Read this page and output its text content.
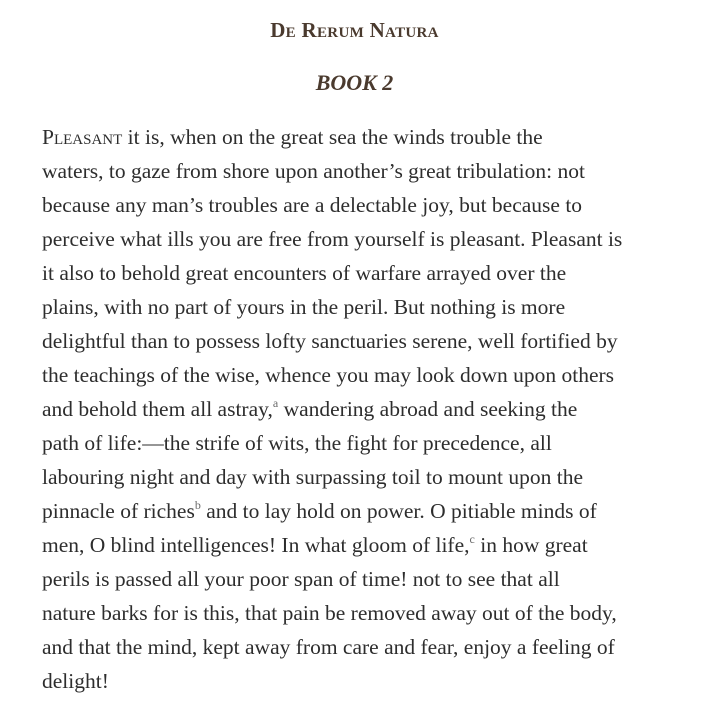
De Rerum Natura
BOOK 2
Pleasant it is, when on the great sea the winds trouble the
waters, to gaze from shore upon another’s great tribulation: not
because any man’s troubles are a delectable joy, but because to
perceive what ills you are free from yourself is pleasant. Pleasant is
it also to behold great encounters of warfare arrayed over the
plains, with no part of yours in the peril. But nothing is more
delightful than to possess lofty sanctuaries serene, well fortified by
the teachings of the wise, whence you may look down upon others
and behold them all astray,$^a$ wandering abroad and seeking the
path of life:—the strife of wits, the fight for precedence, all
labouring night and day with surpassing toil to mount upon the
pinnacle of riches$^b$ and to lay hold on power. O pitiable minds of
men, O blind intelligences! In what gloom of life,$^c$ in how great
perils is passed all your poor span of time! not to see that all
nature barks for is this, that pain be removed away out of the body,
and that the mind, kept away from care and fear, enjoy a feeling of
delight!
